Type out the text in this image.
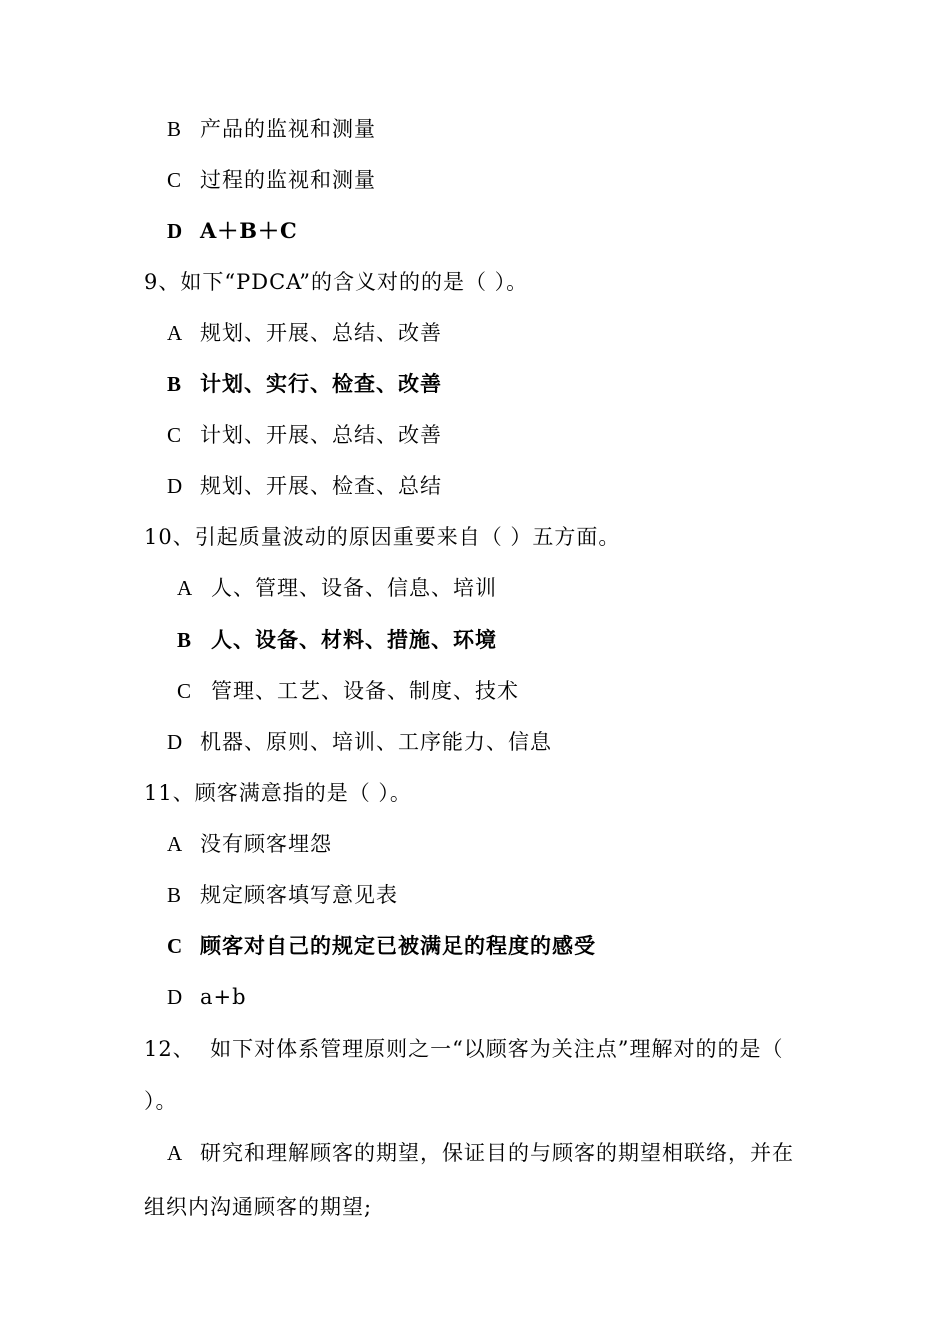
B 产品的监视和测量
C 过程的监视和测量
D A＋B＋C
9、如下“PDCA”的含义对的的是（ ）。
A 规划、开展、总结、改善
B 计划、实行、检查、改善
C 计划、开展、总结、改善
D 规划、开展、检查、总结
10、引起质量波动的原因重要来自（ ）五方面。
A 人、管理、设备、信息、培训
B 人、设备、材料、措施、环境
C 管理、工艺、设备、制度、技术
D 机器、原则、培训、工序能力、信息
11、顾客满意指的是（ ）。
A 没有顾客埋怨
B 规定顾客填写意见表
C 顾客对自己的规定已被满足的程度的感受
D a+b
12、  如下对体系管理原则之一“以顾客为关注点”理解对的的是（
）。
A 研究和理解顾客的期望，保证目的与顾客的期望相联络，并在
组织内沟通顾客的期望;
